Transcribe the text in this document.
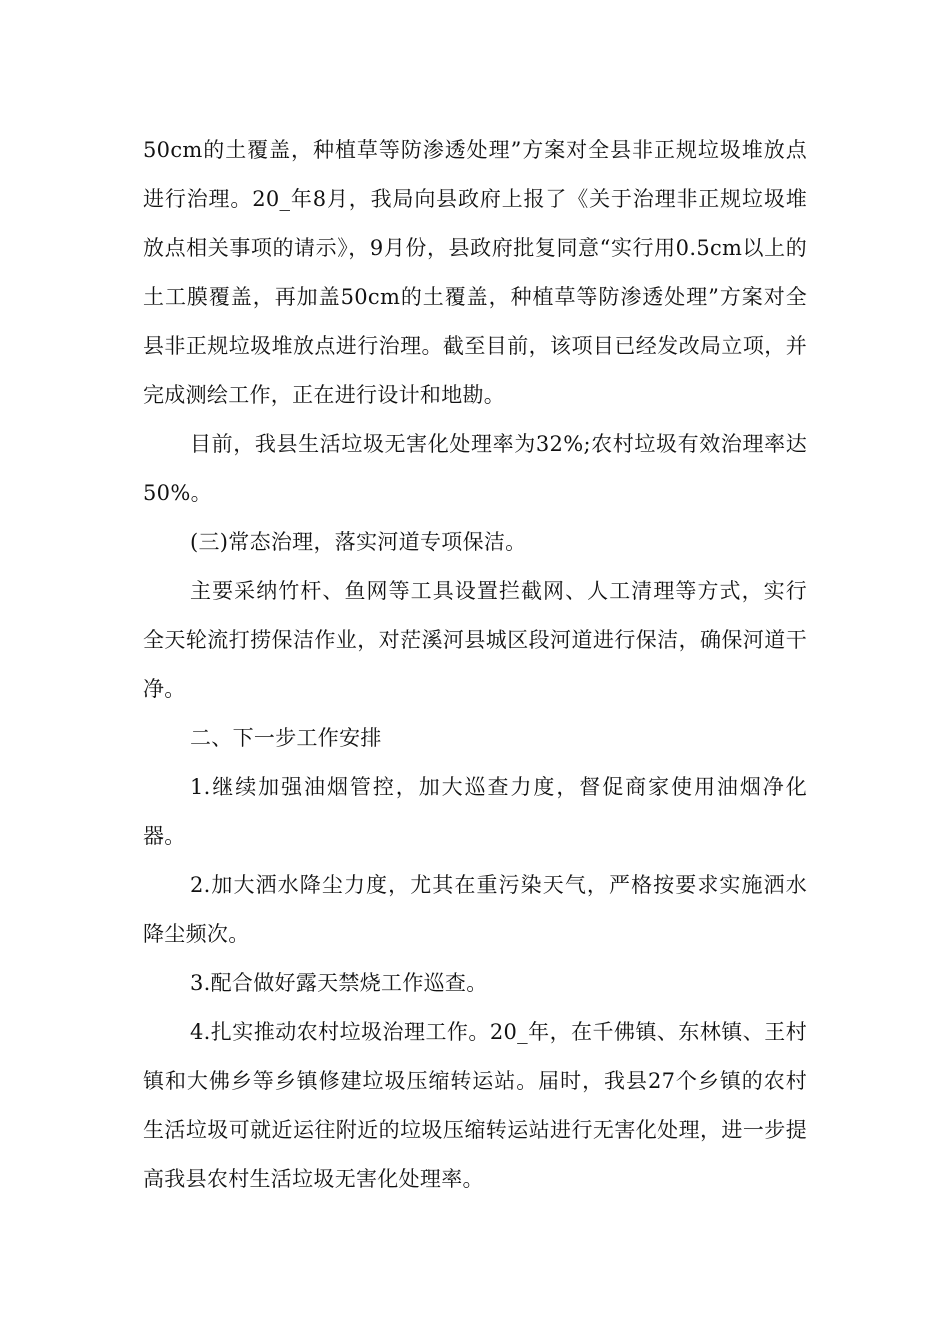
50cm的土覆盖，种植草等防渗透处理”方案对全县非正规垃圾堆放点进行治理。20_年8月，我局向县政府上报了《关于治理非正规垃圾堆放点相关事项的请示》，9月份，县政府批复同意“实行用0.5cm以上的土工膜覆盖，再加盖50cm的土覆盖，种植草等防渗透处理”方案对全县非正规垃圾堆放点进行治理。截至目前，该项目已经发改局立项，并完成测绘工作，正在进行设计和地勘。

目前，我县生活垃圾无害化处理率为32%;农村垃圾有效治理率达50%。

(三)常态治理，落实河道专项保洁。

主要采纳竹杆、鱼网等工具设置拦截网、人工清理等方式，实行全天轮流打捞保洁作业，对茫溪河县城区段河道进行保洁，确保河道干净。

二、下一步工作安排

1.继续加强油烟管控，加大巡查力度，督促商家使用油烟净化器。

2.加大洒水降尘力度，尤其在重污染天气，严格按要求实施洒水降尘频次。

3.配合做好露天禁烧工作巡查。

4.扎实推动农村垃圾治理工作。20_年，在千佛镇、东林镇、王村镇和大佛乡等乡镇修建垃圾压缩转运站。届时，我县27个乡镇的农村生活垃圾可就近运往附近的垃圾压缩转运站进行无害化处理，进一步提高我县农村生活垃圾无害化处理率。
